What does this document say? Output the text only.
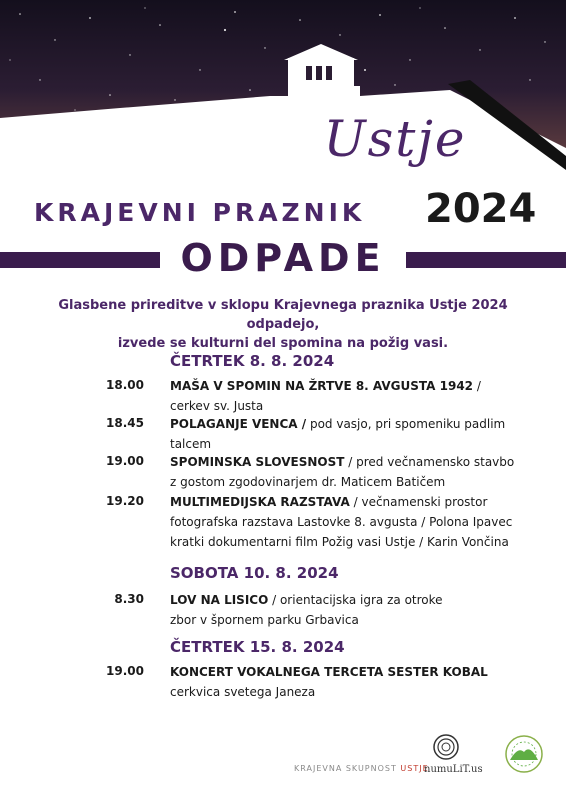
Ustje
KRAJEVNI PRAZNIK 2024
ODPADE
Glasbene prireditve v sklopu Krajevnega praznika Ustje 2024 odpadejo,
izvede se kulturni del spomina na požig vasi.
ČETRTEK 8. 8. 2024
18.00 MAŠA V SPOMIN NA ŽRTVE 8. AVGUSTA 1942 /
cerkev sv. Justa
18.45 POLAGANJE VENCA / pod vasjo, pri spomeniku padlim
talcem
19.00 SPOMINSKA SLOVESNOST / pred večnamensko stavbo
z gostom zgodovinarjem dr. Maticem Batičem
19.20 MULTIMEDIJSKA RAZSTAVA / večnamenski prostor
fotografska razstava Lastovke 8. avgusta / Polona Ipavec
kratki dokumentarni film Požig vasi Ustje / Karin Vončina
SOBOTA 10. 8. 2024
8.30 LOV NA LISICO / orientacijska igra za otroke
zbor v špornem parku Grbavica
ČETRTEK 15. 8. 2024
19.00 KONCERT VOKALNEGA TERCETA SESTER KOBAL
cerkvica svetega Janeza
KRAJEVNA SKUPNOST USTJE
numuLiT.us
